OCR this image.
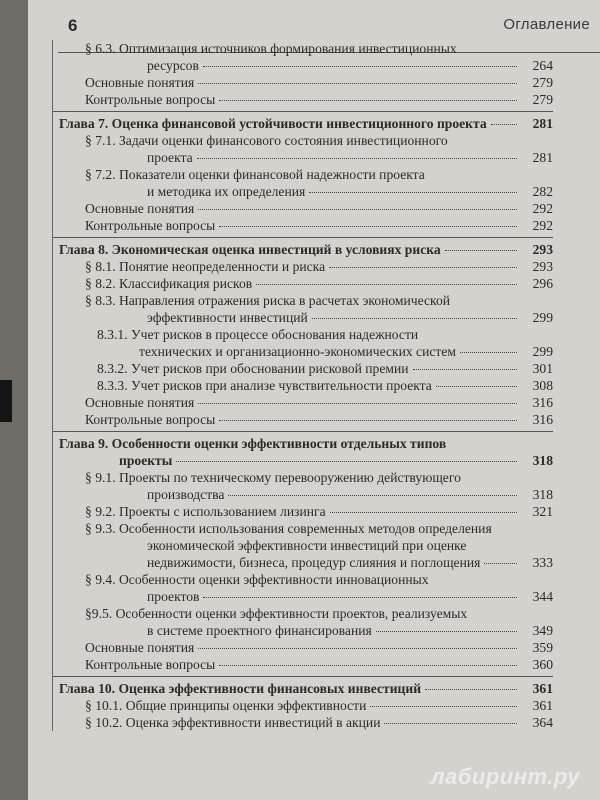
6	Оглавление
§ 6.3. Оптимизация источников формирования инвестиционных
ресурсов	264
Основные понятия	279
Контрольные вопросы	279
Глава 7. Оценка финансовой устойчивости инвестиционного проекта	281
§ 7.1. Задачи оценки финансового состояния инвестиционного
проекта	281
§ 7.2. Показатели оценки финансовой надежности проекта
и методика их определения	282
Основные понятия	292
Контрольные вопросы	292
Глава 8. Экономическая оценка инвестиций в условиях риска	293
§ 8.1. Понятие неопределенности и риска	293
§ 8.2. Классификация рисков	296
§ 8.3. Направления отражения риска в расчетах экономической
эффективности инвестиций	299
8.3.1. Учет рисков в процессе обоснования надежности
технических и организационно-экономических систем	299
8.3.2. Учет рисков при обосновании рисковой премии	301
8.3.3. Учет рисков при анализе чувствительности проекта	308
Основные понятия	316
Контрольные вопросы	316
Глава 9. Особенности оценки эффективности отдельных типов
проекты	318
§ 9.1. Проекты по техническому перевооружению действующего
производства	318
§ 9.2. Проекты с использованием лизинга	321
§ 9.3. Особенности использования современных методов определения
экономической эффективности инвестиций при оценке
недвижимости, бизнеса, процедур слияния и поглощения	333
§ 9.4. Особенности оценки эффективности инновационных
проектов	344
§9.5. Особенности оценки эффективности проектов, реализуемых
в системе проектного финансирования	349
Основные понятия	359
Контрольные вопросы	360
Глава 10. Оценка эффективности финансовых инвестиций	361
§ 10.1. Общие принципы оценки эффективности	361
§ 10.2. Оценка эффективности инвестиций в акции	364
лабиринт.ру
